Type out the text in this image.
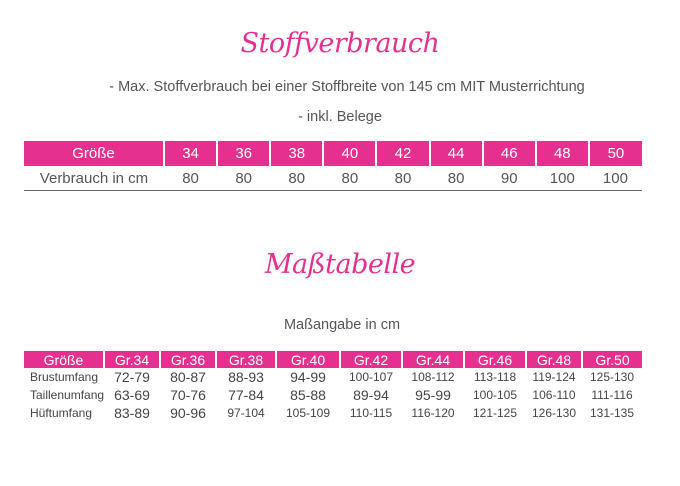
Stoffverbrauch
- Max. Stoffverbrauch bei einer Stoffbreite von 145 cm MIT Musterrichtung
- inkl. Belege
Größe	34	36	38	40	42	44	46	48	50
Verbrauch in cm	80	80	80	80	80	80	90	100	100
Maßtabelle
Maßangabe in cm
Größe	Gr.34	Gr.36	Gr.38	Gr.40	Gr.42	Gr.44	Gr.46	Gr.48	Gr.50
Brustumfang	72-79	80-87	88-93	94-99	100-107	108-112	113-118	119-124	125-130
Taillenumfang	63-69	70-76	77-84	85-88	89-94	95-99	100-105	106-110	111-116
Hüftumfang	83-89	90-96	97-104	105-109	110-115	116-120	121-125	126-130	131-135
